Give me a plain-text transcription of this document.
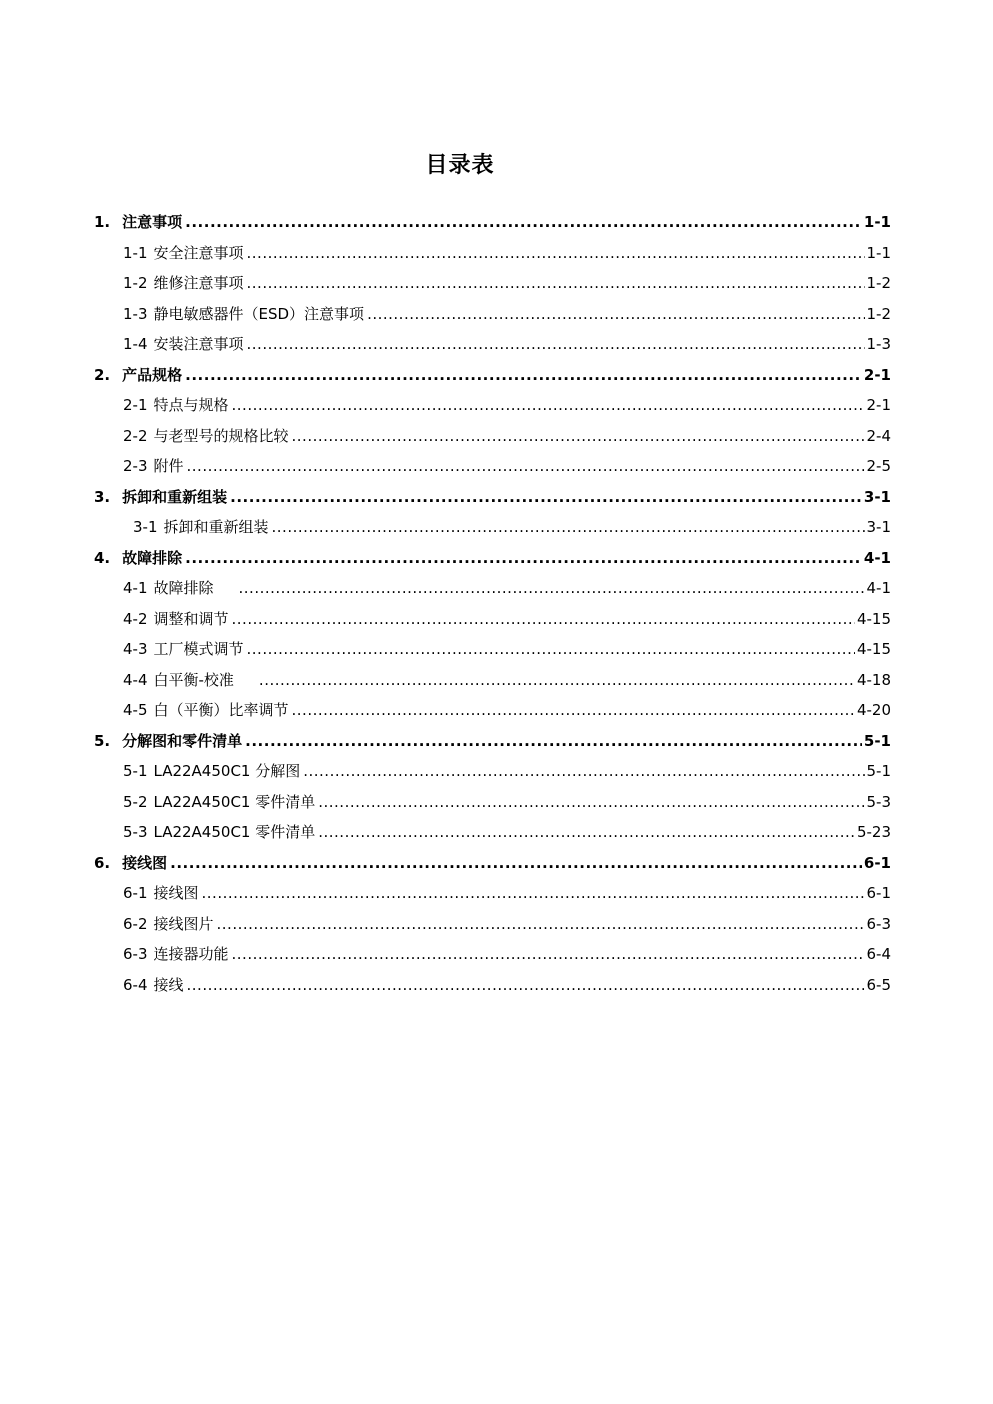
目录表
1. 注意事项 .....	1-1
1-1 安全注意事项 .....	1-1
1-2 维修注意事项 .....	1-2
1-3 静电敏感器件（ESD）注意事项 .....	1-2
1-4 安装注意事项 .....	1-3
2. 产品规格 .....	2-1
2-1 特点与规格 .....	2-1
2-2 与老型号的规格比较 .....	2-4
2-3 附件 .....	2-5
3. 拆卸和重新组装 .....	3-1
3-1 拆卸和重新组装 .....	3-1
4. 故障排除 .....	4-1
4-1 故障排除 .....	4-1
4-2 调整和调节 .....	4-15
4-3 工厂模式调节 .....	4-15
4-4 白平衡-校准 .....	4-18
4-5 白（平衡）比率调节 .....	4-20
5. 分解图和零件清单 .....	5-1
5-1 LA22A450C1 分解图 .....	5-1
5-2 LA22A450C1 零件清单 .....	5-3
5-3 LA22A450C1 零件清单 .....	5-23
6. 接线图 .....	6-1
6-1 接线图 .....	6-1
6-2 接线图片 .....	6-3
6-3 连接器功能 .....	6-4
6-4 接线 .....	6-5
